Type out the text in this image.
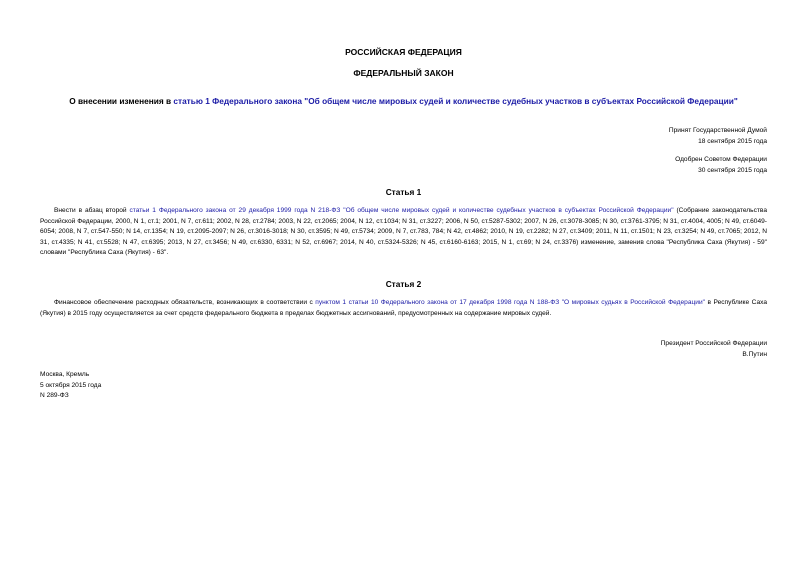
РОССИЙСКАЯ ФЕДЕРАЦИЯ
ФЕДЕРАЛЬНЫЙ ЗАКОН
О внесении изменения в статью 1 Федерального закона "Об общем числе мировых судей и количестве судебных участков в субъектах Российской Федерации"
Принят Государственной Думой
18 сентября 2015 года
Одобрен Советом Федерации
30 сентября 2015 года
Статья 1
Внести в абзац второй статьи 1 Федерального закона от 29 декабря 1999 года N 218-ФЗ "Об общем числе мировых судей и количестве судебных участков в субъектах Российской Федерации" (Собрание законодательства Российской Федерации, 2000, N 1, ст.1; 2001, N 7, ст.611; 2002, N 28, ст.2784; 2003, N 22, ст.2065; 2004, N 12, ст.1034; N 31, ст.3227; 2006, N 50, ст.5287-5302; 2007, N 26, ст.3078-3085; N 30, ст.3761-3795; N 31, ст.4004, 4005; N 49, ст.6049-6054; 2008, N 7, ст.547-550; N 14, ст.1354; N 19, ст.2095-2097; N 26, ст.3016-3018; N 30, ст.3595; N 49, ст.5734; 2009, N 7, ст.783, 784; N 42, ст.4862; 2010, N 19, ст.2282; N 27, ст.3409; 2011, N 11, ст.1501; N 23, ст.3254; N 49, ст.7065; 2012, N 31, ст.4335; N 41, ст.5528; N 47, ст.6395; 2013, N 27, ст.3456; N 49, ст.6330, 6331; N 52, ст.6967; 2014, N 40, ст.5324-5326; N 45, ст.6160-6163; 2015, N 1, ст.69; N 24, ст.3376) изменение, заменив слова "Республика Саха (Якутия) - 59" словами "Республика Саха (Якутия) - 63".
Статья 2
Финансовое обеспечение расходных обязательств, возникающих в соответствии с пунктом 1 статьи 10 Федерального закона от 17 декабря 1998 года N 188-ФЗ "О мировых судьях в Российской Федерации" в Республике Саха (Якутия) в 2015 году осуществляется за счет средств федерального бюджета в пределах бюджетных ассигнований, предусмотренных на содержание мировых судей.
Президент Российской Федерации
В.Путин
Москва, Кремль
5 октября 2015 года
N 289-ФЗ
